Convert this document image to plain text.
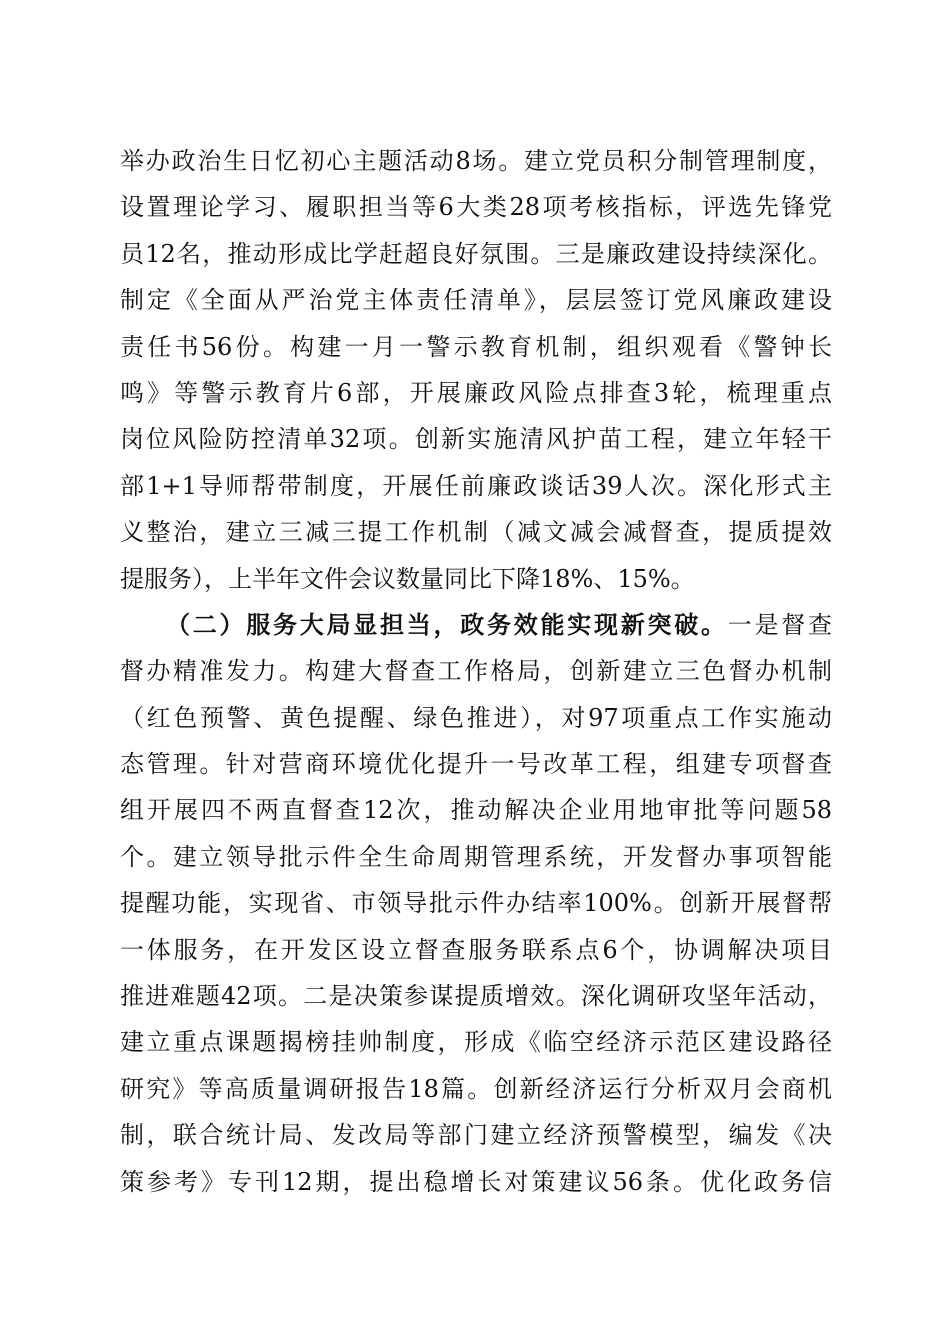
举办政治生日忆初心主题活动8场。建立党员积分制管理制度，
设置理论学习、履职担当等6大类28项考核指标，评选先锋党
员12名，推动形成比学赶超良好氛围。三是廉政建设持续深化。
制定《全面从严治党主体责任清单》，层层签订党风廉政建设
责任书56份。构建一月一警示教育机制，组织观看《警钟长
鸣》等警示教育片6部，开展廉政风险点排查3轮，梳理重点
岗位风险防控清单32项。创新实施清风护苗工程，建立年轻干
部1+1导师帮带制度，开展任前廉政谈话39人次。深化形式主
义整治，建立三减三提工作机制（减文减会减督查，提质提效
提服务），上半年文件会议数量同比下降18%、15%。
（二）服务大局显担当，政务效能实现新突破。一是督查
督办精准发力。构建大督查工作格局，创新建立三色督办机制
（红色预警、黄色提醒、绿色推进），对97项重点工作实施动
态管理。针对营商环境优化提升一号改革工程，组建专项督查
组开展四不两直督查12次，推动解决企业用地审批等问题58
个。建立领导批示件全生命周期管理系统，开发督办事项智能
提醒功能，实现省、市领导批示件办结率100%。创新开展督帮
一体服务，在开发区设立督查服务联系点6个，协调解决项目
推进难题42项。二是决策参谋提质增效。深化调研攻坚年活动，
建立重点课题揭榜挂帅制度，形成《临空经济示范区建设路径
研究》等高质量调研报告18篇。创新经济运行分析双月会商机
制，联合统计局、发改局等部门建立经济预警模型，编发《决
策参考》专刊12期，提出稳增长对策建议56条。优化政务信
